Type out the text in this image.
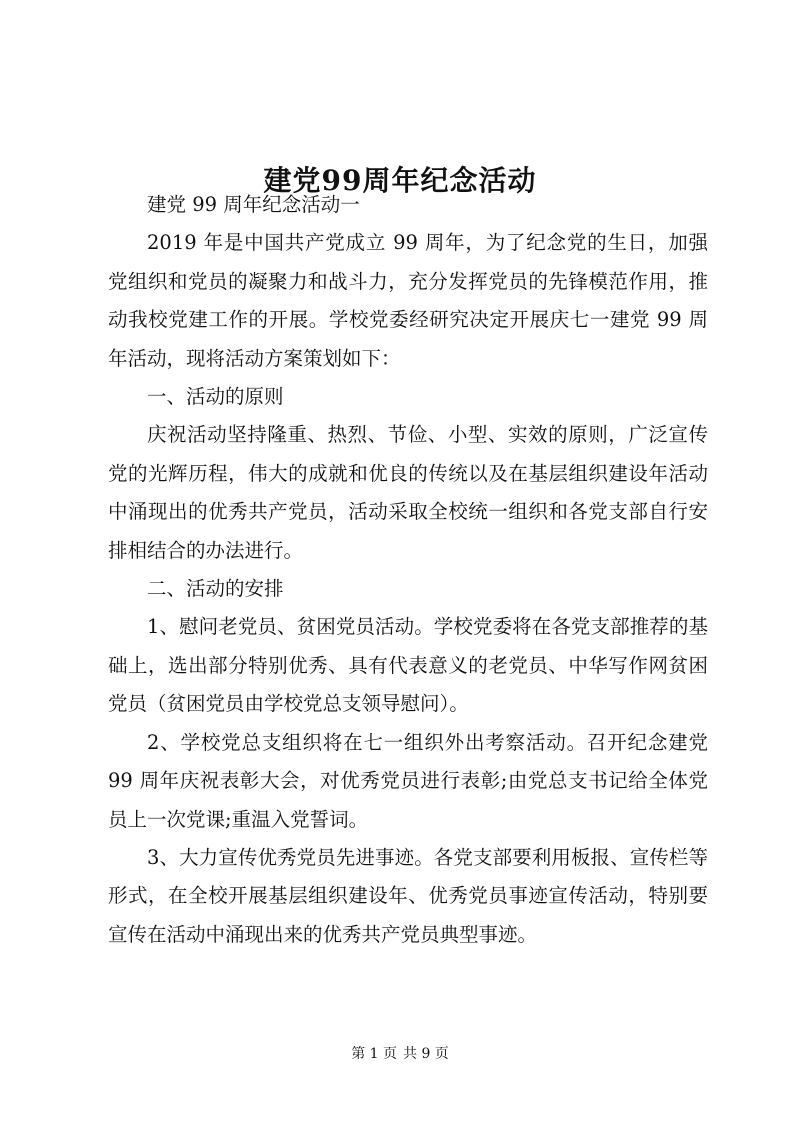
建党99周年纪念活动

建党 99 周年纪念活动一

2019 年是中国共产党成立 99 周年，为了纪念党的生日，加强党组织和党员的凝聚力和战斗力，充分发挥党员的先锋模范作用，推动我校党建工作的开展。学校党委经研究决定开展庆七一建党 99 周年活动，现将活动方案策划如下：

一、活动的原则

庆祝活动坚持隆重、热烈、节俭、小型、实效的原则，广泛宣传党的光辉历程，伟大的成就和优良的传统以及在基层组织建设年活动中涌现出的优秀共产党员，活动采取全校统一组织和各党支部自行安排相结合的办法进行。

二、活动的安排

1、慰问老党员、贫困党员活动。学校党委将在各党支部推荐的基础上，选出部分特别优秀、具有代表意义的老党员、中华写作网贫困党员（贫困党员由学校党总支领导慰问）。

2、学校党总支组织将在七一组织外出考察活动。召开纪念建党 99 周年庆祝表彰大会，对优秀党员进行表彰;由党总支书记给全体党员上一次党课;重温入党誓词。

3、大力宣传优秀党员先进事迹。各党支部要利用板报、宣传栏等形式，在全校开展基层组织建设年、优秀党员事迹宣传活动，特别要宣传在活动中涌现出来的优秀共产党员典型事迹。

第 1 页 共 9 页
